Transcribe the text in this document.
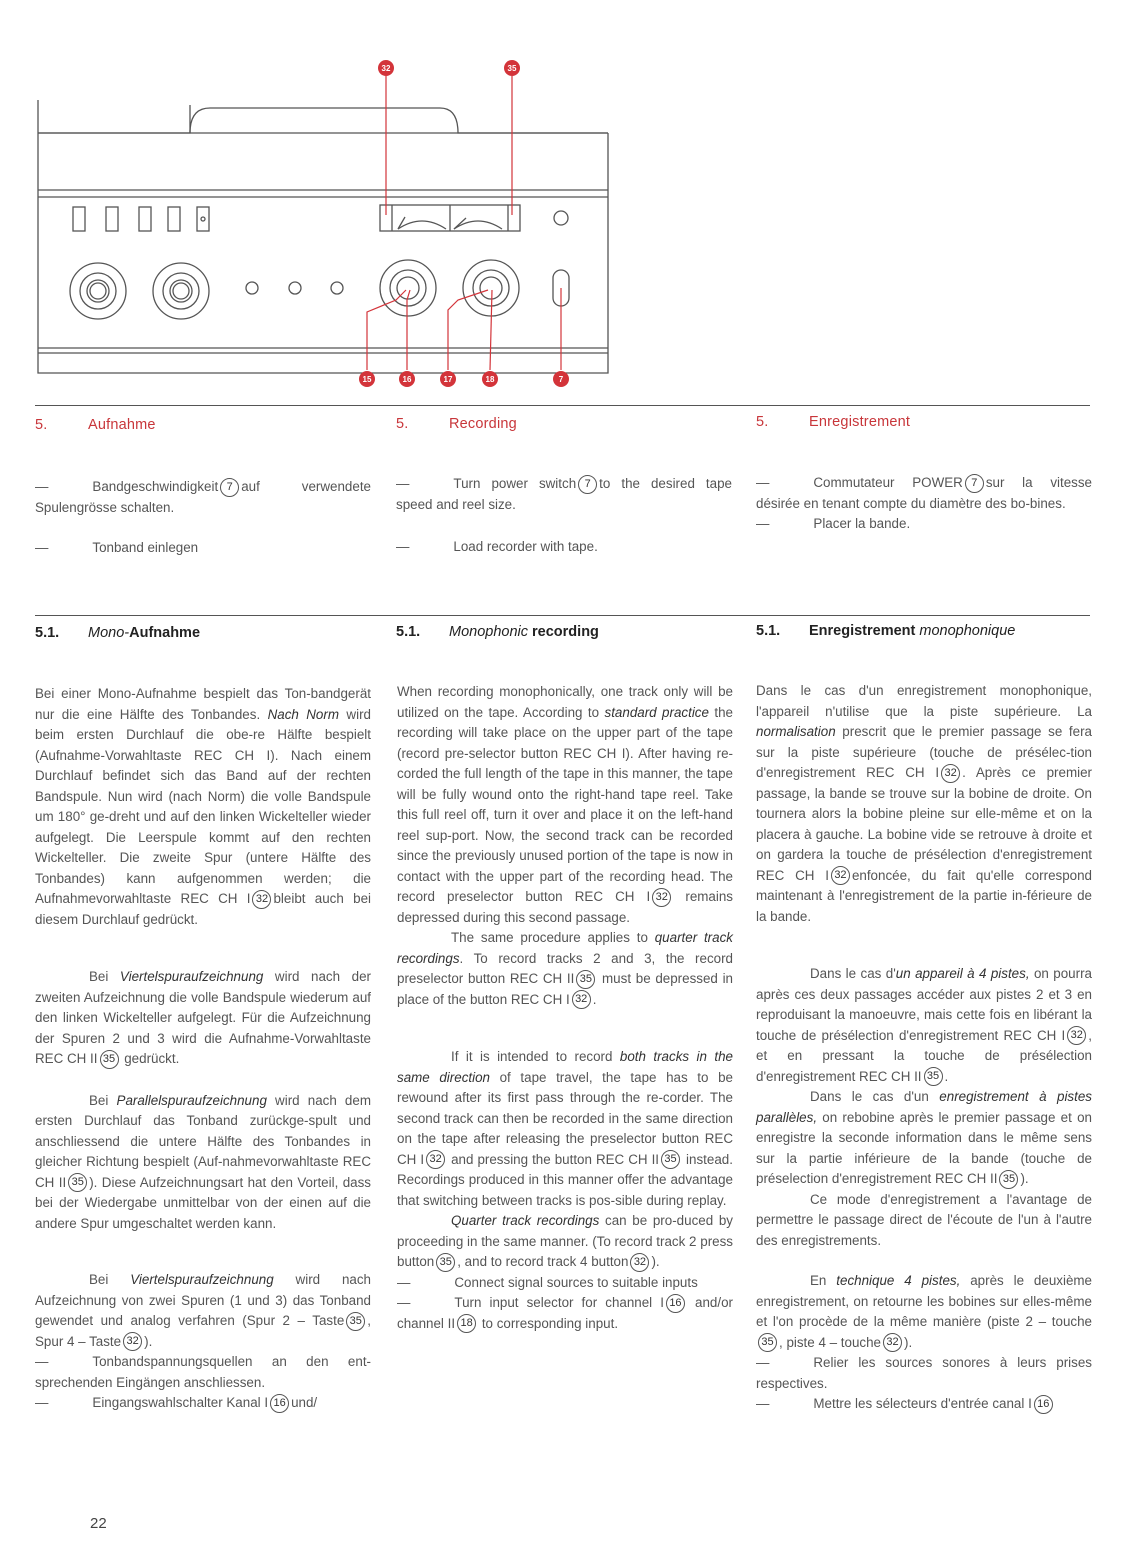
32	35
15	16	17	18	7
5.	Aufnahme	5.	Recording	5.	Enregistrement

—	Bandgeschwindigkeit 7 auf verwendete Spulengrösse schalten.

—	Tonband einlegen

—	Turn power switch 7 to the desired tape speed and reel size.

—	Load recorder with tape.

—	Commutateur POWER 7 sur la vitesse désirée en tenant compte du diamètre des bo-bines.

—	Placer la bande.

5.1. Mono-Aufnahme	5.1. Monophonic recording	5.1. Enregistrement monophonique

Bei einer Mono-Aufnahme bespielt das Ton-bandgerät nur die eine Hälfte des Tonbandes. Nach Norm wird beim ersten Durchlauf die obe-re Hälfte bespielt (Aufnahme-Vorwahltaste REC CH I). Nach einem Durchlauf befindet sich das Band auf der rechten Bandspule. Nun wird (nach Norm) die volle Bandspule um 180° ge-dreht und auf den linken Wickelteller wieder aufgelegt. Die Leerspule kommt auf den rechten Wickelteller. Die zweite Spur (untere Hälfte des Tonbandes) kann aufgenommen werden; die Aufnahmevorwahltaste REC CH I 32 bleibt auch bei diesem Durchlauf gedrückt.

Bei Viertelspuraufzeichnung wird nach der zweiten Aufzeichnung die volle Bandspule wiederum auf den linken Wickelteller aufgelegt. Für die Aufzeichnung der Spuren 2 und 3 wird die Aufnahme-Vorwahltaste REC CH II 35 gedrückt.

Bei Parallelspuraufzeichnung wird nach dem ersten Durchlauf das Tonband zurückge-spult und anschliessend die untere Hälfte des Tonbandes in gleicher Richtung bespielt (Auf-nahmevorwahltaste REC CH II 35 ). Diese Aufzeichnungsart hat den Vorteil, dass bei der Wiedergabe unmittelbar von der einen auf die andere Spur umgeschaltet werden kann.

Bei Viertelspuraufzeichnung wird nach Aufzeichnung von zwei Spuren (1 und 3) das Tonband gewendet und analog verfahren (Spur 2 – Taste 35 , Spur 4 – Taste 32 ).

—	Tonbandspannungsquellen an den ent-sprechenden Eingängen anschliessen.

—	Eingangswahlschalter Kanal I 16 und/

When recording monophonically, one track only will be utilized on the tape. According to standard practice the recording will take place on the upper part of the tape (record pre-selector button REC CH I). After having re-corded the full length of the tape in this manner, the tape will be fully wound onto the right-hand tape reel. Take this full reel off, turn it over and place it on the left-hand reel sup-port. Now, the second track can be recorded since the previously unused portion of the tape is now in contact with the upper part of the recording head. The record preselector button REC CH I 32 remains depressed during this second passage.

The same procedure applies to quarter track recordings. To record tracks 2 and 3, the record preselector button REC CH II 35 must be depressed in place of the button REC CH I 32 .

If it is intended to record both tracks in the same direction of tape travel, the tape has to be rewound after its first pass through the re-corder. The second track can then be recorded in the same direction on the tape after releasing the preselector button REC CH I 32 and pressing the button REC CH II 35 instead. Recordings produced in this manner offer the advantage that switching between tracks is pos-sible during replay.

Quarter track recordings can be pro-duced by proceeding in the same manner. (To record track 2 press button 35 , and to record track 4 button 32 ).

—	Connect signal sources to suitable inputs

—	Turn input selector for channel I 16 and/or channel II 18 to corresponding input.

Dans le cas d'un enregistrement monophonique, l'appareil n'utilise que la piste supérieure. La normalisation prescrit que le premier passage se fera sur la piste supérieure (touche de présélec-tion d'enregistrement REC CH I 32 . Après ce premier passage, la bande se trouve sur la bobine de droite. On tournera alors la bobine pleine sur elle-même et on la placera à gauche. La bobine vide se retrouve à droite et on gardera la touche de présélection d'enregistrement REC CH I 32 enfoncée, du fait qu'elle correspond maintenant à l'enregistrement de la partie in-férieure de la bande.

Dans le cas d'un appareil à 4 pistes, on pourra après ces deux passages accéder aux pistes 2 et 3 en reproduisant la manoeuvre, mais cette fois en libérant la touche de présélection d'enregistrement REC CH I 32 , et en pressant la touche de présélection d'enregistrement REC CH II 35 .

Dans le cas d'un enregistrement à pistes parallèles, on rebobine après le premier passage et on enregistre la seconde information dans le même sens sur la partie inférieure de la bande (touche de préselection d'enregistrement REC CH II 35 ).

Ce mode d'enregistrement a l'avantage de permettre le passage direct de l'écoute de l'un à l'autre des enregistrements.

En technique 4 pistes, après le deuxième enregistrement, on retourne les bobines sur elles-même et l'on procède de la même manière (piste 2 – touche35 , piste 4 – touche 32 ).

—	Relier les sources sonores à leurs prises respectives.

—	Mettre les sélecteurs d'entrée canal I 16

22
